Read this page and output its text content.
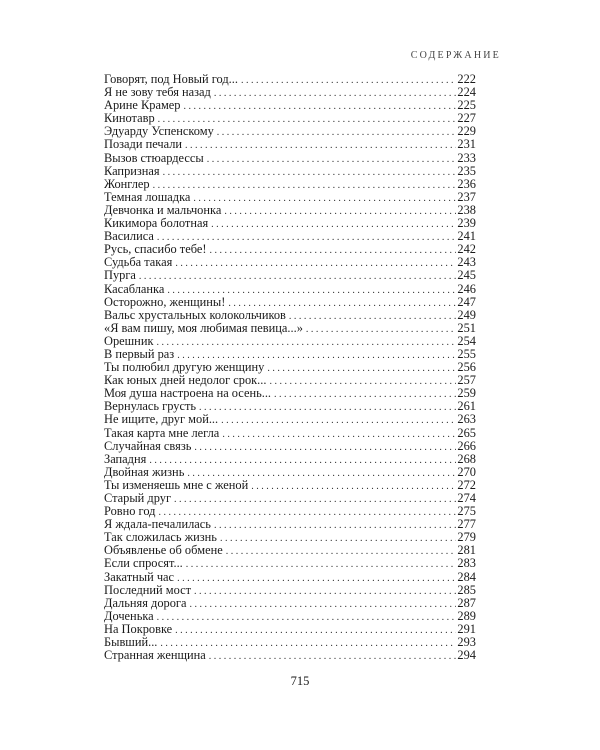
СОДЕРЖАНИЕ
Говорят, под Новый год... . . .	222
Я не зову тебя назад . . .	224
Арине Крамер . . .	225
Кинотавр . . .	227
Эдуарду Успенскому . . .	229
Позади печали . . .	231
Вызов стюардессы . . .	233
Капризная . . .	235
Жонглер . . .	236
Темная лошадка . . .	237
Девчонка и мальчонка . . .	238
Кикимора болотная . . .	239
Василиса . . .	241
Русь, спасибо тебе! . . .	242
Судьба такая . . .	243
Пурга . . .	245
Касабланка . . .	246
Осторожно, женщины! . . .	247
Вальс хрустальных колокольчиков . . .	249
«Я вам пишу, моя любимая певица...» . . .	251
Орешник . . .	254
В первый раз . . .	255
Ты полюбил другую женщину . . .	256
Как юных дней недолог срок... . . .	257
Моя душа настроена на осень... . . .	259
Вернулась грусть . . .	261
Не ищите, друг мой... . . .	263
Такая карта мне легла . . .	265
Случайная связь . . .	266
Западня . . .	268
Двойная жизнь . . .	270
Ты изменяешь мне с женой . . .	272
Старый друг . . .	274
Ровно год . . .	275
Я ждала-печалилась . . .	277
Так сложилась жизнь . . .	279
Объявленье об обмене . . .	281
Если спросят... . . .	283
Закатный час . . .	284
Последний мост . . .	285
Дальняя дорога . . .	287
Доченька . . .	289
На Покровке . . .	291
Бывший... . . .	293
Странная женщина . . .	294
715
